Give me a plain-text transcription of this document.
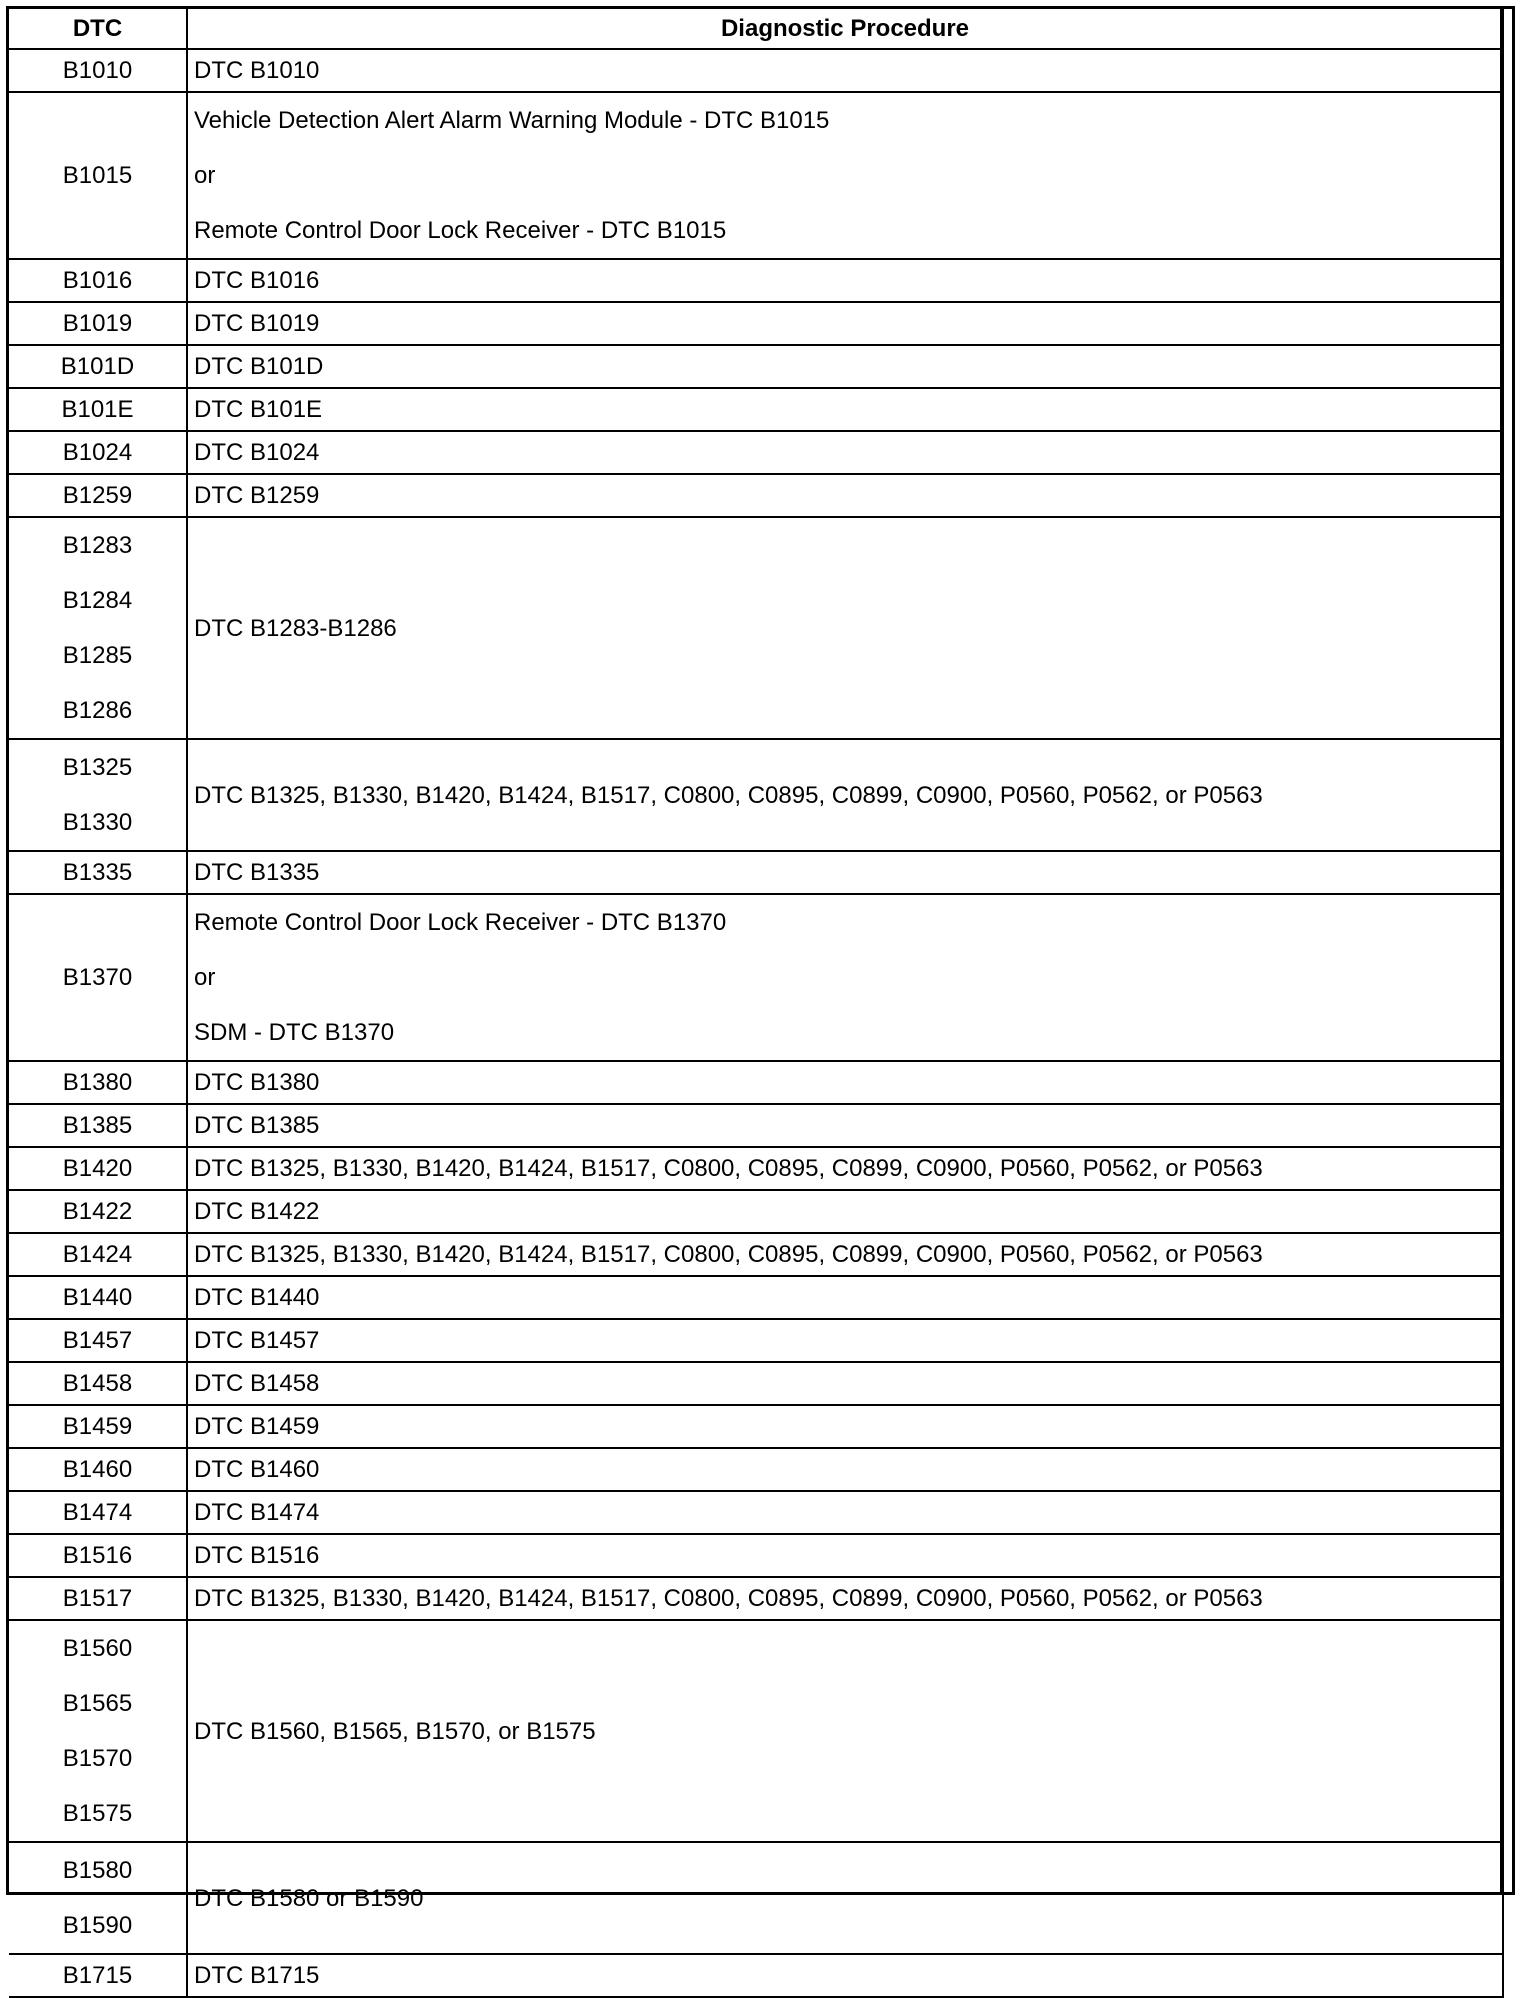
DTC	Diagnostic Procedure

B1010	DTC B1010

B1015	Vehicle Detection Alert Alarm Warning Module - DTC B1015
or
Remote Control Door Lock Receiver - DTC B1015

B1016	DTC B1016

B1019	DTC B1019

B101D	DTC B101D

B101E	DTC B101E

B1024	DTC B1024

B1259	DTC B1259

B1283
B1284
B1285
B1286	DTC B1283-B1286

B1325
B1330	DTC B1325, B1330, B1420, B1424, B1517, C0800, C0895, C0899, C0900, P0560, P0562, or P0563

B1335	DTC B1335

B1370	Remote Control Door Lock Receiver - DTC B1370
or
SDM - DTC B1370

B1380	DTC B1380

B1385	DTC B1385

B1420	DTC B1325, B1330, B1420, B1424, B1517, C0800, C0895, C0899, C0900, P0560, P0562, or P0563

B1422	DTC B1422

B1424	DTC B1325, B1330, B1420, B1424, B1517, C0800, C0895, C0899, C0900, P0560, P0562, or P0563

B1440	DTC B1440

B1457	DTC B1457

B1458	DTC B1458

B1459	DTC B1459

B1460	DTC B1460

B1474	DTC B1474

B1516	DTC B1516

B1517	DTC B1325, B1330, B1420, B1424, B1517, C0800, C0895, C0899, C0900, P0560, P0562, or P0563

B1560
B1565
B1570
B1575	DTC B1560, B1565, B1570, or B1575

B1580
B1590	DTC B1580 or B1590

B1715	DTC B1715
